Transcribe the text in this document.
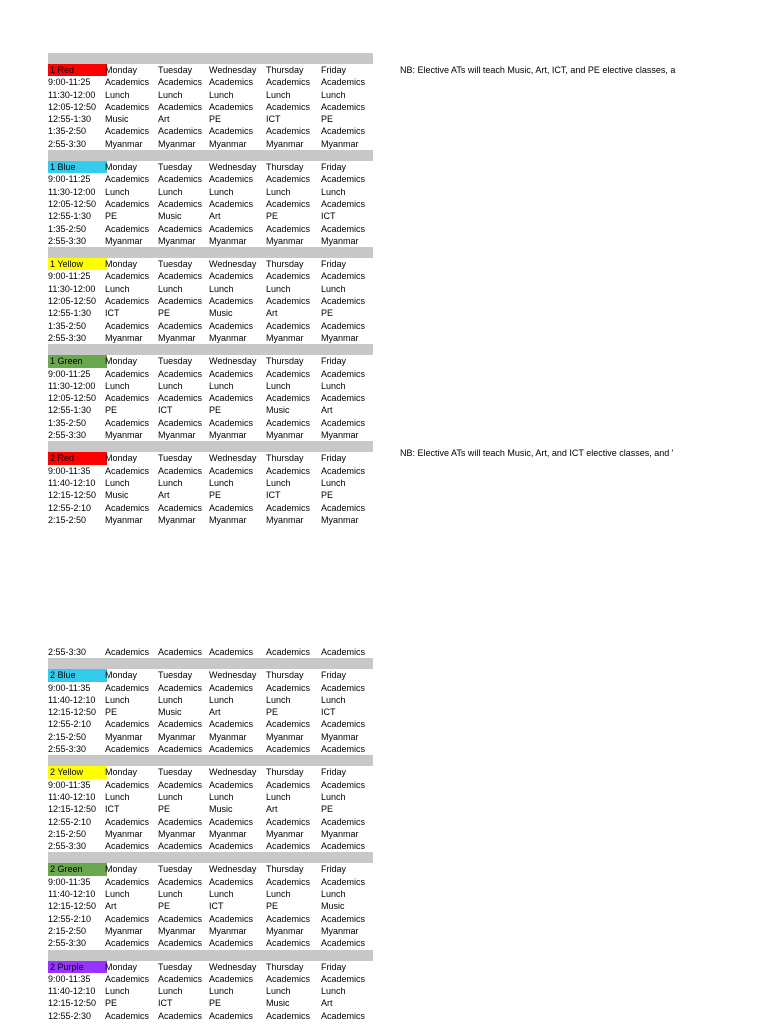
NB: Elective ATs will teach Music, Art, ICT, and PE elective classes, a
NB: Elective ATs will teach Music, Art, and ICT elective classes, and '
1 Red	Monday Tuesday Wednesday Thursday Friday
9:00-11:25	Academics Academics Academics Academics Academics
11:30-12:00	Lunch	Lunch	Lunch	Lunch	Lunch
12:05-12:50 Academics Academics Academics Academics Academics
12:55-1:30	Music	Art	PE	ICT	PE
1:35-2:50	Academics Academics Academics Academics Academics
2:55-3:30	Myanmar Myanmar Myanmar Myanmar Myanmar
1 Blue	Monday Tuesday Wednesday Thursday Friday
9:00-11:25	Academics Academics Academics Academics Academics
11:30-12:00	Lunch	Lunch	Lunch	Lunch	Lunch
12:05-12:50 Academics Academics Academics Academics Academics
12:55-1:30	PE	Music	Art	PE	ICT
1:35-2:50	Academics Academics Academics Academics Academics
2:55-3:30	Myanmar Myanmar Myanmar Myanmar Myanmar
1 Yellow	Monday Tuesday Wednesday Thursday Friday
9:00-11:25	Academics Academics Academics Academics Academics
11:30-12:00	Lunch	Lunch	Lunch	Lunch	Lunch
12:05-12:50 Academics Academics Academics Academics Academics
12:55-1:30	ICT	PE	Music	Art	PE
1:35-2:50	Academics Academics Academics Academics Academics
2:55-3:30	Myanmar Myanmar Myanmar Myanmar Myanmar
1 Green	Monday Tuesday Wednesday Thursday Friday
9:00-11:25	Academics Academics Academics Academics Academics
11:30-12:00	Lunch	Lunch	Lunch	Lunch	Lunch
12:05-12:50 Academics Academics Academics Academics Academics
12:55-1:30	PE	ICT	PE	Music	Art
1:35-2:50	Academics Academics Academics Academics Academics
2:55-3:30	Myanmar Myanmar Myanmar Myanmar Myanmar
2 Red	Monday Tuesday Wednesday Thursday Friday
9:00-11:35	Academics Academics Academics Academics Academics
11:40-12:10	Lunch	Lunch	Lunch	Lunch	Lunch
12:15-12:50 Music	Art	PE	ICT	PE
12:55-2:10	Academics Academics Academics Academics Academics
2:15-2:50	Myanmar Myanmar Myanmar Myanmar Myanmar
2:55-3:30	Academics Academics Academics Academics Academics
2 Blue	Monday Tuesday Wednesday Thursday Friday
9:00-11:35	Academics Academics Academics Academics Academics
11:40-12:10	Lunch	Lunch	Lunch	Lunch	Lunch
12:15-12:50 PE	Music	Art	PE	ICT
12:55-2:10	Academics Academics Academics Academics Academics
2:15-2:50	Myanmar Myanmar Myanmar Myanmar Myanmar
2:55-3:30	Academics Academics Academics Academics Academics
2 Yellow	Monday Tuesday Wednesday Thursday Friday
9:00-11:35	Academics Academics Academics Academics Academics
11:40-12:10	Lunch	Lunch	Lunch	Lunch	Lunch
12:15-12:50 ICT	PE	Music	Art	PE
12:55-2:10	Academics Academics Academics Academics Academics
2:15-2:50	Myanmar Myanmar Myanmar Myanmar Myanmar
2:55-3:30	Academics Academics Academics Academics Academics
2 Green	Monday Tuesday Wednesday Thursday Friday
9:00-11:35	Academics Academics Academics Academics Academics
11:40-12:10	Lunch	Lunch	Lunch	Lunch	Lunch
12:15-12:50 Art	PE	ICT	PE	Music
12:55-2:10	Academics Academics Academics Academics Academics
2:15-2:50	Myanmar Myanmar Myanmar Myanmar Myanmar
2:55-3:30	Academics Academics Academics Academics Academics
2 Purple	Monday Tuesday Wednesday Thursday Friday
9:00-11:35	Academics Academics Academics Academics Academics
11:40-12:10	Lunch	Lunch	Lunch	Lunch	Lunch
12:15-12:50 PE	ICT	PE	Music	Art
12:55-2:30	Academics Academics Academics Academics Academics
